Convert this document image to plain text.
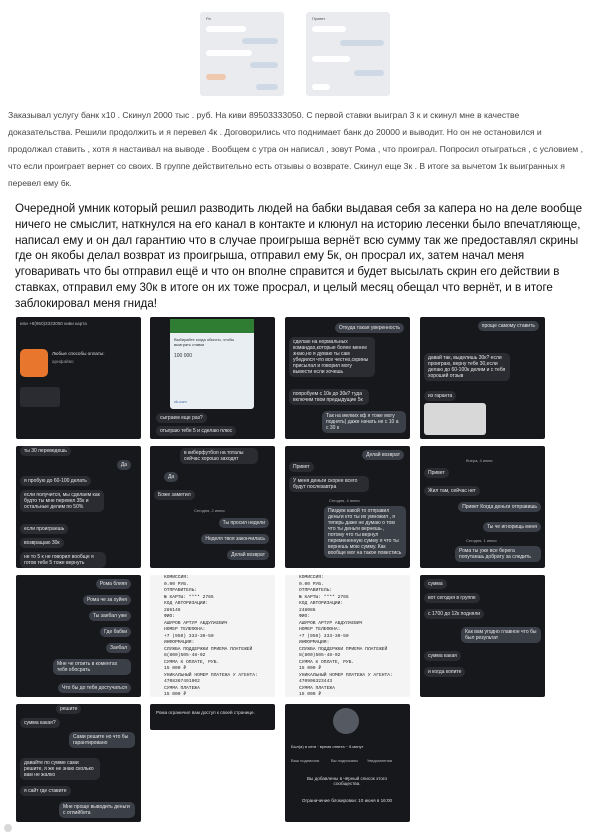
Ра	Привет
Заказывал услугу банк х10 . Скинул 2000 тыс . руб. На киви 89503333050. С первой ставки выиграл 3 к и скинул мне в качестве доказательства. Решили продолжить и я перевел 4к . Договорились что поднимает банк до 20000 и выводит. Но он не остановился и продолжал ставить , хотя я настаивал на выводе . Вообщем с утра он написал , зовут Рома , что проиграл. Попросил отыграться , с условием , что если проиграет вернет со своих. В группе действительно есть отзывы о возврате. Скинул еще 3к . В итоге за вычетом 1к выигранных я перевел ему 6к.
Очередной умник который решил разводить людей на бабки выдавая себя за капера но на деле вообще ничего не смыслит, наткнулся на его канал в контакте и клюнул на историю лесенки было впечатляюще, написал ему и он дал гарантию что в случае проигрыша вернёт всю сумму так же предоставлял скрины где он якобы делал возврат из проигрыша, отправил ему 5к, он просрал их, затем начал меня уговаривать что бы отправил ещё и что он вполне справится и будет высылать скрин его действии в ставках, отправил ему 30к в итоге он их тоже просрал, и целый месяц обещал что вернёт, и в итоге заблокировал меня гнида!
или +8(950)3333050 киви карта
Любые способы оплаты:
арифайво
Выбирайте когда обычно, чтобы выиграть ставки
100 000
vk.com
сыграем еще раз?
отыграю тебе 5 и сделаю плюс
Откуда такая уверенность
сделаю на нормальных командах,которые более менее знаю,но я думаю ты сам убедился что все честно,скрины присылал и говорил могу вывести если хочешь
попробуем с 10к до 30к? туда включим твои предыдущие 5к
Так на мелких кф я тоже могу поднять) даже начать не с 10 а с 30 к
проще самому ставить
давай так, выделишь 30к? если проиграю, верну тебе 30,если делаю до 60-100к делим и с тебя хороший отзыв
из гаранта
ты 30 переведешь
Да
я пробую до 60-100 делать
если получится, мы сделаем как будто ты мне перевел 35к и остальные делим по 50%
если проиграешь
возвращаю 30к
не то 5 к не говорил вообще я готов тебе 5 тоже вернуть
в киберфутбол на тоталы сейчас хорошо заходят
Да
Боже заметил
Сегодня, 2 июня
Ты просил недели
Неделя твоя закончилась
Делай возврат
Делай возврат
Привет
У меня деньги скорее всего будут послезавтра
Сегодня, 4 июня
Пиздеж какой то отправил деньги кто ты их умножил , я теперь даже не думаю о том что ты деньги вернешь , потому что ты вернул перемененную сумму я что ты вернешь мою сумму. Как вообще мог на такое повестись
Вчера, 4 июня
Привет
Жил там, сейчас нет
Привет Когда деньги отправишь
Ты че игнорищь меня
Сегодня, 1 июня
Рома ты уже все берега попутаешь добрату за следить
Рома бляяя
Рома че за хуйня
Ты заебал уже
Где бабки
Заебал
Мне че отоить в коментах тебя обосрать
Что бы до тебя достучаться
КОМИССИЯ:
0.00 РУБ.
ОТПРАВИТЕЛЬ:
№ КАРТЫ: **** 2765
КОД АВТОРИЗАЦИИ:
286146
ФИО:
АШУРОВ АРТУР АБДУЛАЕВИЧ
НОМЕР ТЕЛЕФОНА:
+7 (950) 333-30-50
ИНФОРМАЦИЯ:
СЛУЖБА ПОДДЕРЖКИ ПРИЕМА ПЛАТЕЖЕЙ
8(800)505-48-02
СУММА К ОПЛАТЕ, РУБ.
15 000 ₽
УНИКАЛЬНЫЙ НОМЕР ПЛАТЕЖА У АГЕНТА:
4708367491902
СУММА ПЛАТЕЖА
15 000 ₽
КОМИССИЯ:
0.00 РУБ.
ОТПРАВИТЕЛЬ:
№ КАРТЫ: **** 2765
КОД АВТОРИЗАЦИИ:
248086
ФИО:
АШУРОВ АРТУР АБДУЛАЕВИЧ
НОМЕР ТЕЛЕФОНА:
+7 (950) 333-30-50
ИНФОРМАЦИЯ:
СЛУЖБА ПОДДЕРЖКИ ПРИЕМА ПЛАТЕЖЕЙ
8(800)505-48-02
СУММА К ОПЛАТЕ, РУБ.
15 000 ₽
УНИКАЛЬНЫЙ НОМЕР ПЛАТЕЖА У АГЕНТА:
470906323443
СУММА ПЛАТЕЖА
15 000 ₽
сумма
вот сегодня в группе
с 1700 до 12к подняли
Как вам угодно главное что бы был результат
сумма какая
и когда копите
решите
сумма какая?
Сами решите но что бы гарантировано
давайте по сумме сами решите, я же не знаю сколько вам не жалко
я сайт где ставите
Мне проще выводить деньги с отпийбета
Рома ограничил вам доступ к своей странице.
Был(а) в сети · время ответа ~ 8 минут
Ваш подписчик	Вы подписаны Уведомления
Вы добавлены в чёрный список этого сообщества.
Ограничение блокировки: 10 июня в 16:00
